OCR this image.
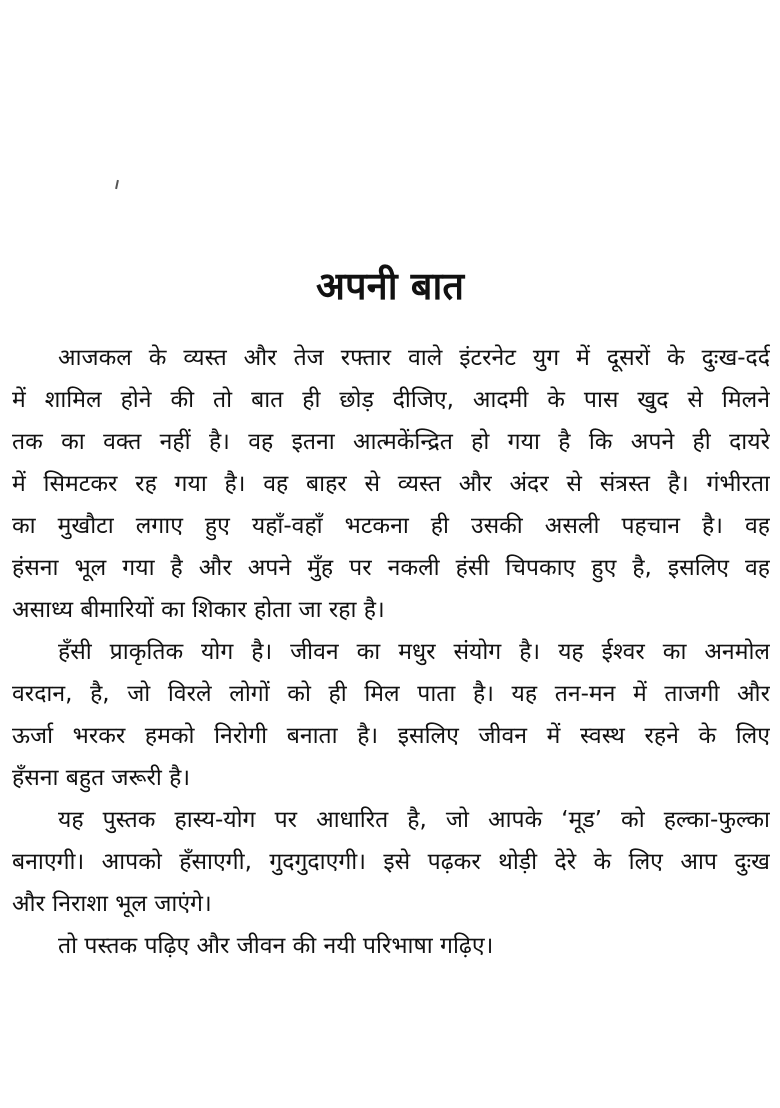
अपनी बात

आजकल के व्यस्त और तेज रफ्तार वाले इंटरनेट युग में दूसरों के दुःख-दर्द
में शामिल होने की तो बात ही छोड़ दीजिए, आदमी के पास खुद से मिलने
तक का वक्त नहीं है। वह इतना आत्मकेंन्द्रित हो गया है कि अपने ही दायरे
में सिमटकर रह गया है। वह बाहर से व्यस्त और अंदर से संत्रस्त है। गंभीरता
का मुखौटा लगाए हुए यहाँ-वहाँ भटकना ही उसकी असली पहचान है। वह
हंसना भूल गया है और अपने मुँह पर नकली हंसी चिपकाए हुए है, इसलिए वह
असाध्य बीमारियों का शिकार होता जा रहा है।

हँसी प्राकृतिक योग है। जीवन का मधुर संयोग है। यह ईश्वर का अनमोल
वरदान, है, जो विरले लोगों को ही मिल पाता है। यह तन-मन में ताजगी और
ऊर्जा भरकर हमको निरोगी बनाता है। इसलिए जीवन में स्वस्थ रहने के लिए
हँसना बहुत जरूरी है।

यह पुस्तक हास्य-योग पर आधारित है, जो आपके ‘मूड’ को हल्का-फुल्का
बनाएगी। आपको हँसाएगी, गुदगुदाएगी। इसे पढ़कर थोड़ी देरे के लिए आप दुःख
और निराशा भूल जाएंगे।

तो पस्तक पढ़िए और जीवन की नयी परिभाषा गढ़िए।
